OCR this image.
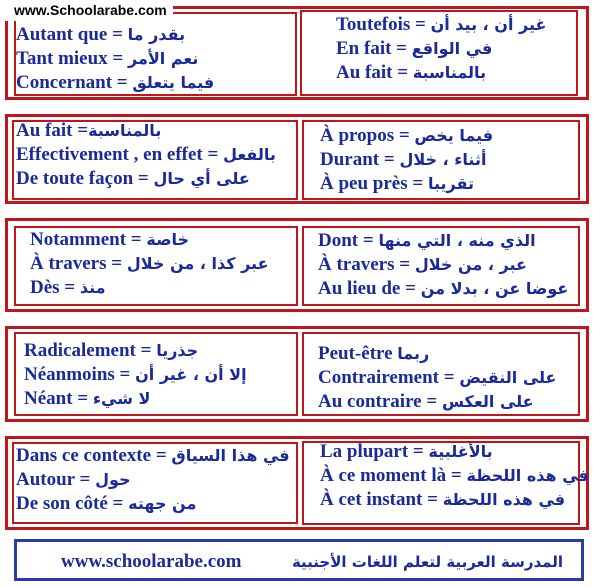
www.Schoolarabe.com
Autant que = بقدر ما
Tant mieux = نعم الأمر
Concernant = فيما يتعلق
Toutefois = غير أن ، بيد أن
En fait = في الواقع
Au fait = بالمناسبة
Au fait =بالمناسبة
Effectivement , en effet = بالفعل
De toute façon = على أي حال
À propos = فيما يخص
Durant = أثناء ، خلال
À peu près = تقريبا
Notamment = خاصة
À travers = عبر كذا ، من خلال
Dès = منذ
Dont = الذي منه ، التي منها
À travers = عبر ، من خلال
Au lieu de = عوضا عن ، بدلا من
Radicalement = جذريا
Néanmoins = إلا أن ، غير أن
Néant = لا شيء
Peut-être ربما
Contrairement = على النقيض
Au contraire = على العكس
Dans ce contexte = في هذا السياق
Autour = حول
De son côté = من جهته
La plupart = بالأغلبية
À ce moment là = في هذه اللحظة
À cet instant = في هذه اللحظة
www.schoolarabe.com	المدرسة العربية لتعلم اللغات الأجنبية
